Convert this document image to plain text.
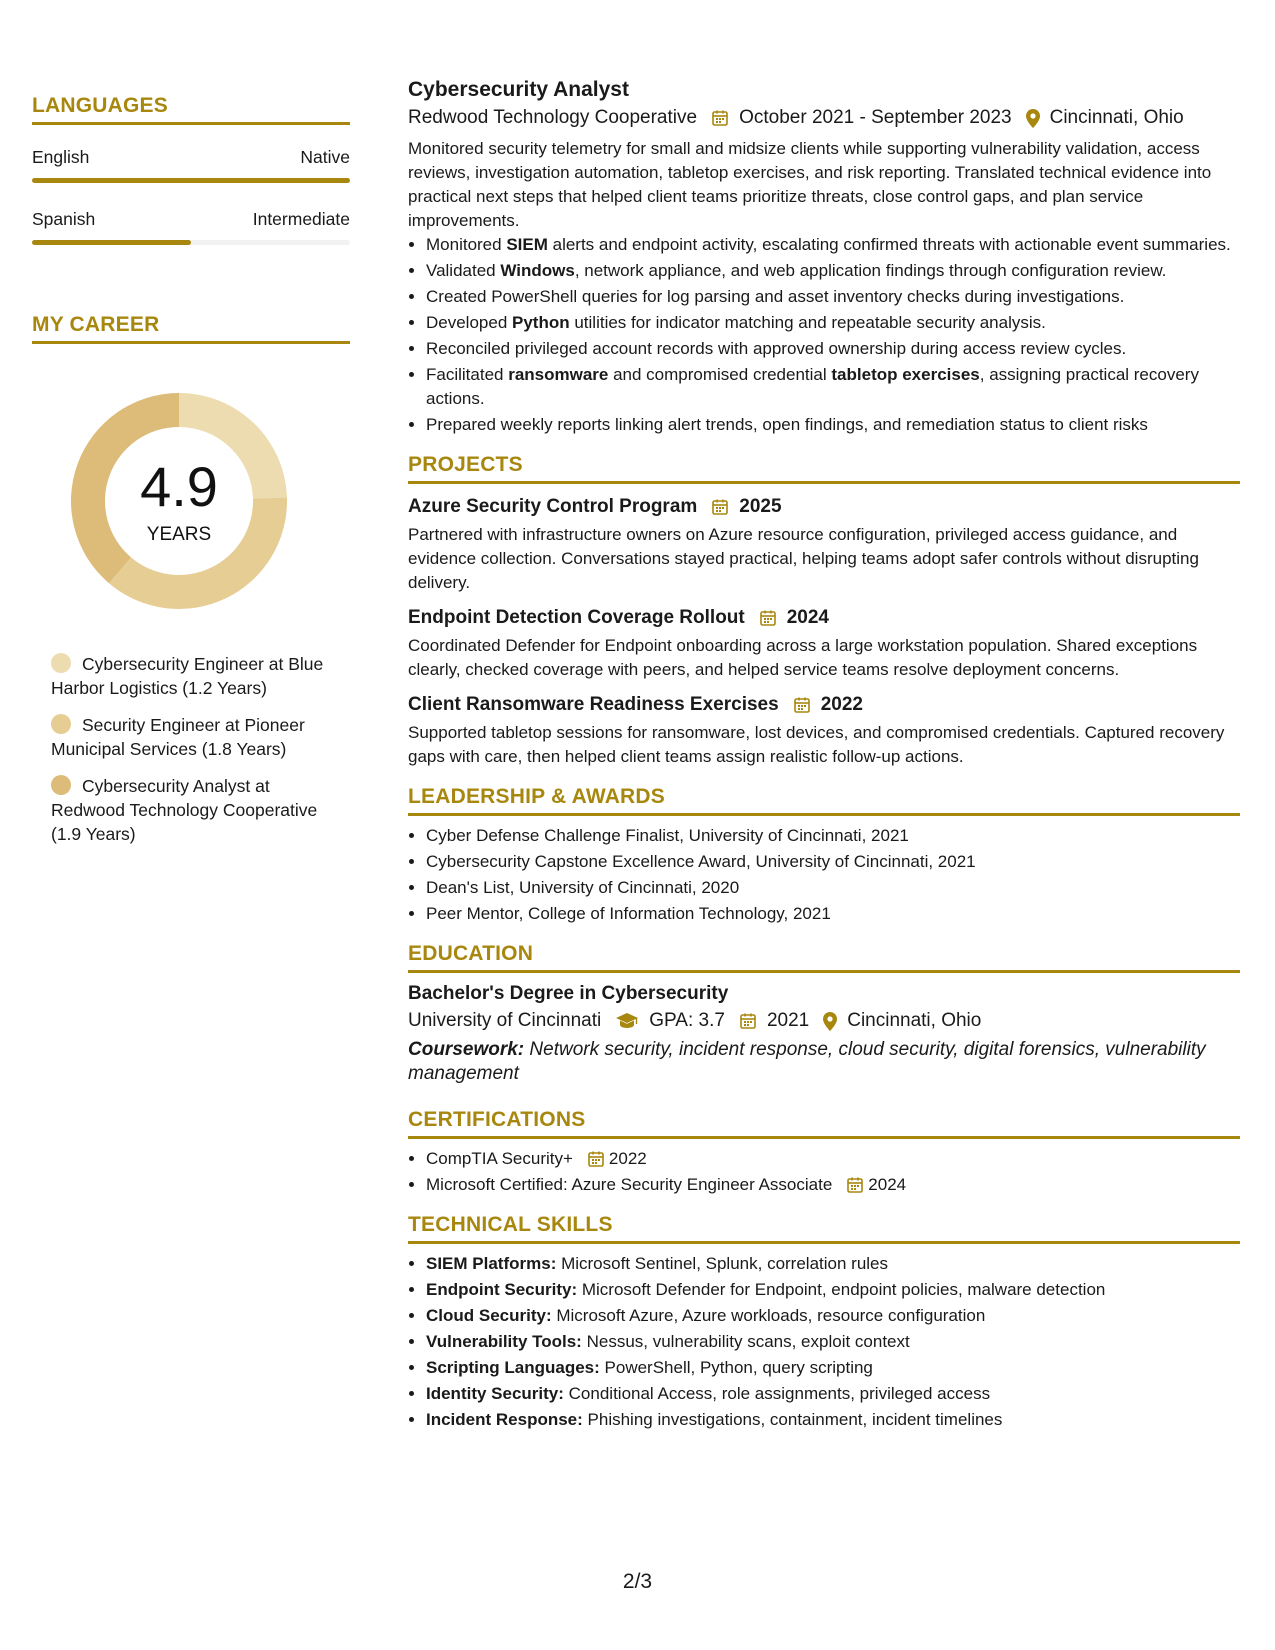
LANGUAGES
English	Native
Spanish	Intermediate
MY CAREER
4.9
YEARS
Cybersecurity Engineer at Blue Harbor Logistics (1.2 Years)
Security Engineer at Pioneer Municipal Services (1.8 Years)
Cybersecurity Analyst at Redwood Technology Cooperative (1.9 Years)
Cybersecurity Analyst
Redwood Technology Cooperative October 2021 - September 2023 Cincinnati, Ohio
Monitored security telemetry for small and midsize clients while supporting vulnerability validation, access reviews, investigation automation, tabletop exercises, and risk reporting. Translated technical evidence into practical next steps that helped client teams prioritize threats, close control gaps, and plan service improvements.
• Monitored SIEM alerts and endpoint activity, escalating confirmed threats with actionable event summaries.
• Validated Windows, network appliance, and web application findings through configuration review.
• Created PowerShell queries for log parsing and asset inventory checks during investigations.
• Developed Python utilities for indicator matching and repeatable security analysis.
• Reconciled privileged account records with approved ownership during access review cycles.
• Facilitated ransomware and compromised credential tabletop exercises, assigning practical recovery actions.
• Prepared weekly reports linking alert trends, open findings, and remediation status to client risks
PROJECTS
Azure Security Control Program 2025
Partnered with infrastructure owners on Azure resource configuration, privileged access guidance, and evidence collection. Conversations stayed practical, helping teams adopt safer controls without disrupting delivery.
Endpoint Detection Coverage Rollout 2024
Coordinated Defender for Endpoint onboarding across a large workstation population. Shared exceptions clearly, checked coverage with peers, and helped service teams resolve deployment concerns.
Client Ransomware Readiness Exercises 2022
Supported tabletop sessions for ransomware, lost devices, and compromised credentials. Captured recovery gaps with care, then helped client teams assign realistic follow-up actions.
LEADERSHIP & AWARDS
• Cyber Defense Challenge Finalist, University of Cincinnati, 2021
• Cybersecurity Capstone Excellence Award, University of Cincinnati, 2021
• Dean's List, University of Cincinnati, 2020
• Peer Mentor, College of Information Technology, 2021
EDUCATION
Bachelor's Degree in Cybersecurity
University of Cincinnati	GPA: 3.7 2021 Cincinnati, Ohio
Coursework: Network security, incident response, cloud security, digital forensics, vulnerability management
CERTIFICATIONS
• CompTIA Security+ 2022
• Microsoft Certified: Azure Security Engineer Associate 2024
TECHNICAL SKILLS
• SIEM Platforms: Microsoft Sentinel, Splunk, correlation rules
• Endpoint Security: Microsoft Defender for Endpoint, endpoint policies, malware detection
• Cloud Security: Microsoft Azure, Azure workloads, resource configuration
• Vulnerability Tools: Nessus, vulnerability scans, exploit context
• Scripting Languages: PowerShell, Python, query scripting
• Identity Security: Conditional Access, role assignments, privileged access
• Incident Response: Phishing investigations, containment, incident timelines
2/3
